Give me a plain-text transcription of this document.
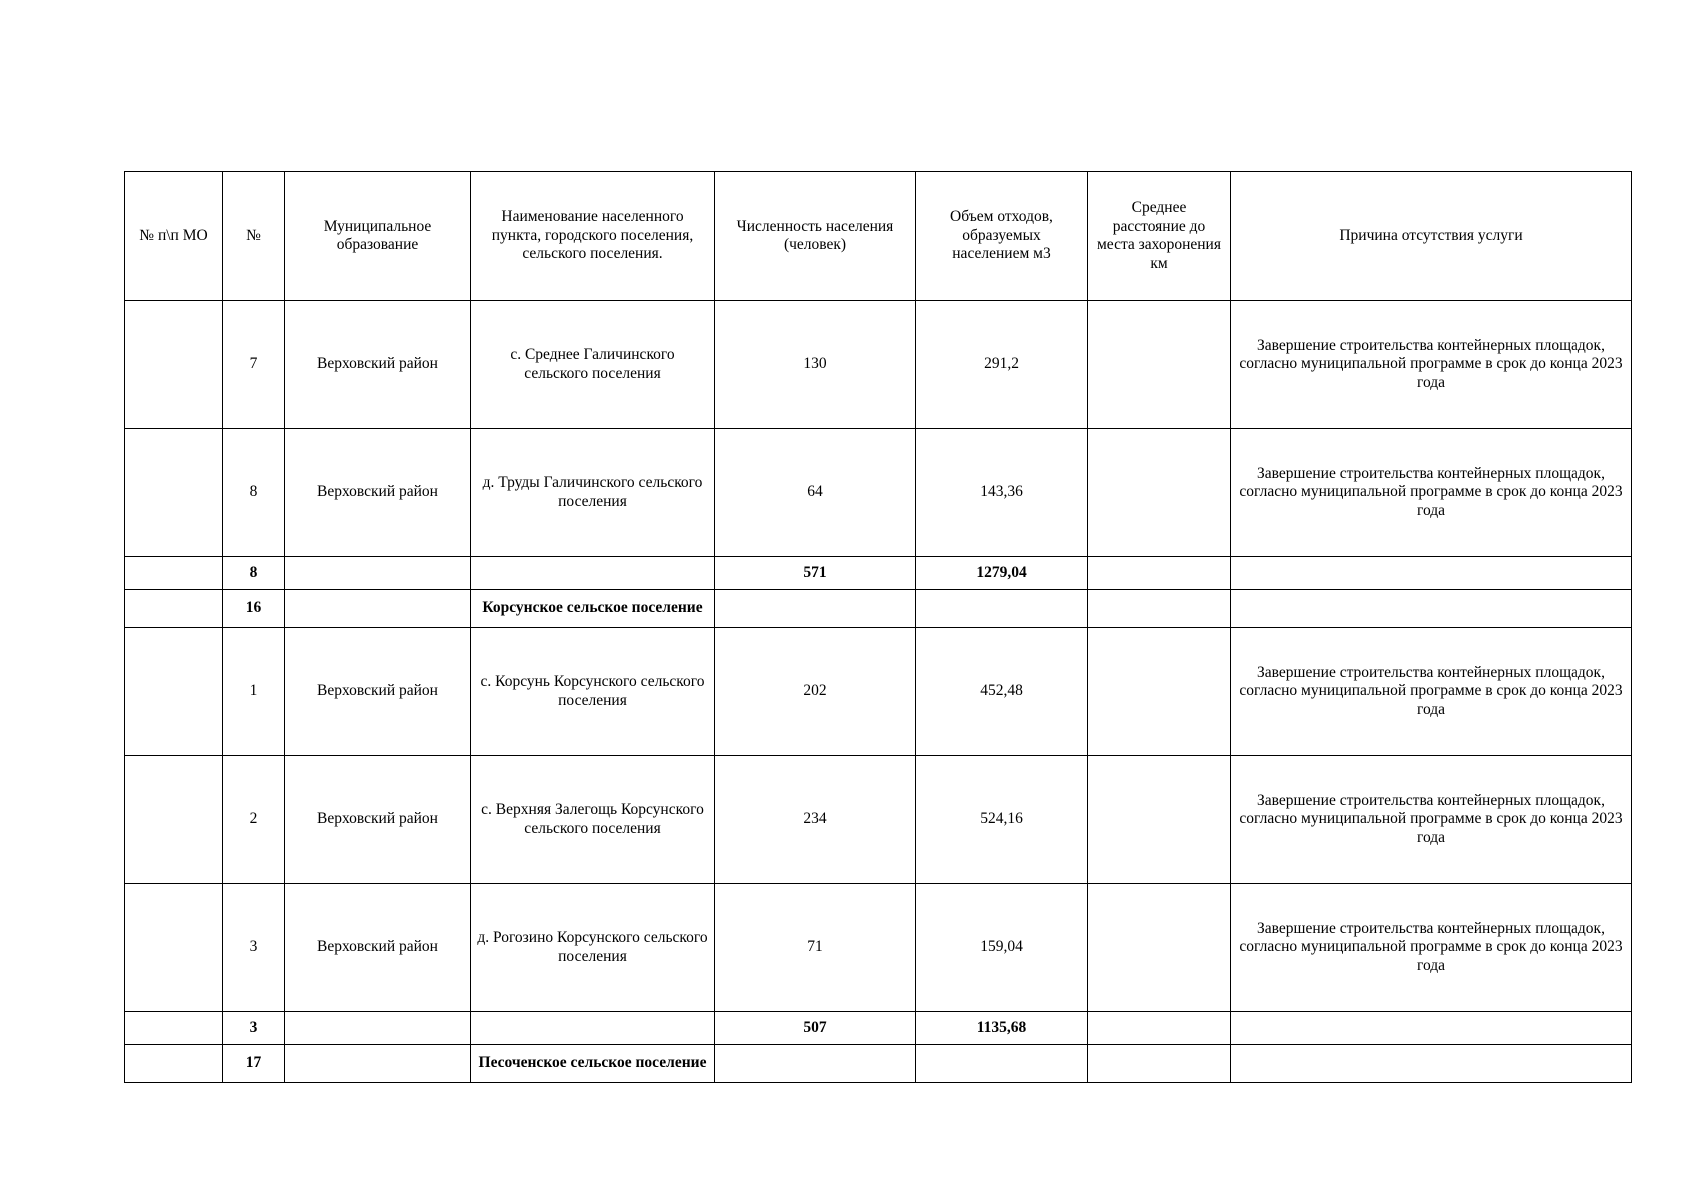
№ п\п МО	№	Муниципальное образование	Наименование населенного пункта, городского поселения, сельского поселения.	Численность населения (человек)	Объем отходов, образуемых населением м3	Среднее расстояние до места захоронения км	Причина отсутствия услуги
	7	Верховский район	с. Среднее Галичинского сельского поселения	130	291,2		Завершение строительства контейнерных площадок, согласно муниципальной программе в срок до конца 2023 года
	8	Верховский район	д. Труды Галичинского сельского поселения	64	143,36		Завершение строительства контейнерных площадок, согласно муниципальной программе в срок до конца 2023 года
	8			571	1279,04		
	16		Корсунское сельское поселение				
	1	Верховский район	с. Корсунь Корсунского сельского поселения	202	452,48		Завершение строительства контейнерных площадок, согласно муниципальной программе в срок до конца 2023 года
	2	Верховский район	с. Верхняя Залегощь Корсунского сельского поселения	234	524,16		Завершение строительства контейнерных площадок, согласно муниципальной программе в срок до конца 2023 года
	3	Верховский район	д. Рогозино Корсунского сельского поселения	71	159,04		Завершение строительства контейнерных площадок, согласно муниципальной программе в срок до конца 2023 года
	3			507	1135,68		
	17		Песоченское сельское поселение				
